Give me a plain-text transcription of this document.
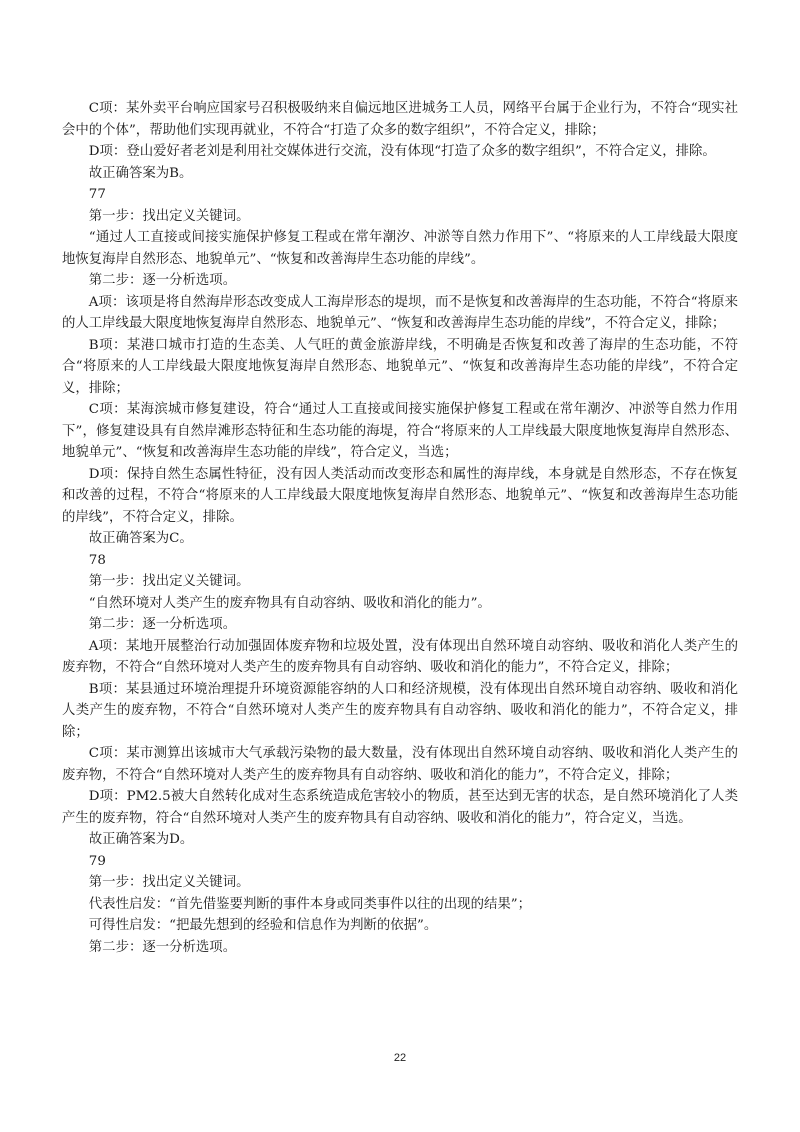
C项：某外卖平台响应国家号召积极吸纳来自偏远地区进城务工人员，网络平台属于企业行为，不符合“现实社会中的个体”，帮助他们实现再就业，不符合“打造了众多的数字组织”，不符合定义，排除；

D项：登山爱好者老刘是利用社交媒体进行交流，没有体现“打造了众多的数字组织”，不符合定义，排除。

故正确答案为B。

77

第一步：找出定义关键词。

“通过人工直接或间接实施保护修复工程或在常年潮汐、冲淤等自然力作用下”、“将原来的人工岸线最大限度地恢复海岸自然形态、地貌单元”、“恢复和改善海岸生态功能的岸线”。

第二步：逐一分析选项。

A项：该项是将自然海岸形态改变成人工海岸形态的堤坝，而不是恢复和改善海岸的生态功能，不符合“将原来的人工岸线最大限度地恢复海岸自然形态、地貌单元”、“恢复和改善海岸生态功能的岸线”，不符合定义，排除；

B项：某港口城市打造的生态美、人气旺的黄金旅游岸线，不明确是否恢复和改善了海岸的生态功能，不符合“将原来的人工岸线最大限度地恢复海岸自然形态、地貌单元”、“恢复和改善海岸生态功能的岸线”，不符合定义，排除；

C项：某海滨城市修复建设，符合“通过人工直接或间接实施保护修复工程或在常年潮汐、冲淤等自然力作用下”，修复建设具有自然岸滩形态特征和生态功能的海堤，符合“将原来的人工岸线最大限度地恢复海岸自然形态、地貌单元”、“恢复和改善海岸生态功能的岸线”，符合定义，当选；

D项：保持自然生态属性特征，没有因人类活动而改变形态和属性的海岸线，本身就是自然形态，不存在恢复和改善的过程，不符合“将原来的人工岸线最大限度地恢复海岸自然形态、地貌单元”、“恢复和改善海岸生态功能的岸线”，不符合定义，排除。

故正确答案为C。

78

第一步：找出定义关键词。

“自然环境对人类产生的废弃物具有自动容纳、吸收和消化的能力”。

第二步：逐一分析选项。

A项：某地开展整治行动加强固体废弃物和垃圾处置，没有体现出自然环境自动容纳、吸收和消化人类产生的废弃物，不符合“自然环境对人类产生的废弃物具有自动容纳、吸收和消化的能力”，不符合定义，排除；

B项：某县通过环境治理提升环境资源能容纳的人口和经济规模，没有体现出自然环境自动容纳、吸收和消化人类产生的废弃物，不符合“自然环境对人类产生的废弃物具有自动容纳、吸收和消化的能力”，不符合定义，排除；

C项：某市测算出该城市大气承载污染物的最大数量，没有体现出自然环境自动容纳、吸收和消化人类产生的废弃物，不符合“自然环境对人类产生的废弃物具有自动容纳、吸收和消化的能力”，不符合定义，排除；

D项：PM2.5被大自然转化成对生态系统造成危害较小的物质，甚至达到无害的状态，是自然环境消化了人类产生的废弃物，符合“自然环境对人类产生的废弃物具有自动容纳、吸收和消化的能力”，符合定义，当选。

故正确答案为D。

79

第一步：找出定义关键词。

代表性启发：“首先借鉴要判断的事件本身或同类事件以往的出现的结果”；

可得性启发：“把最先想到的经验和信息作为判断的依据”。

第二步：逐一分析选项。

22
